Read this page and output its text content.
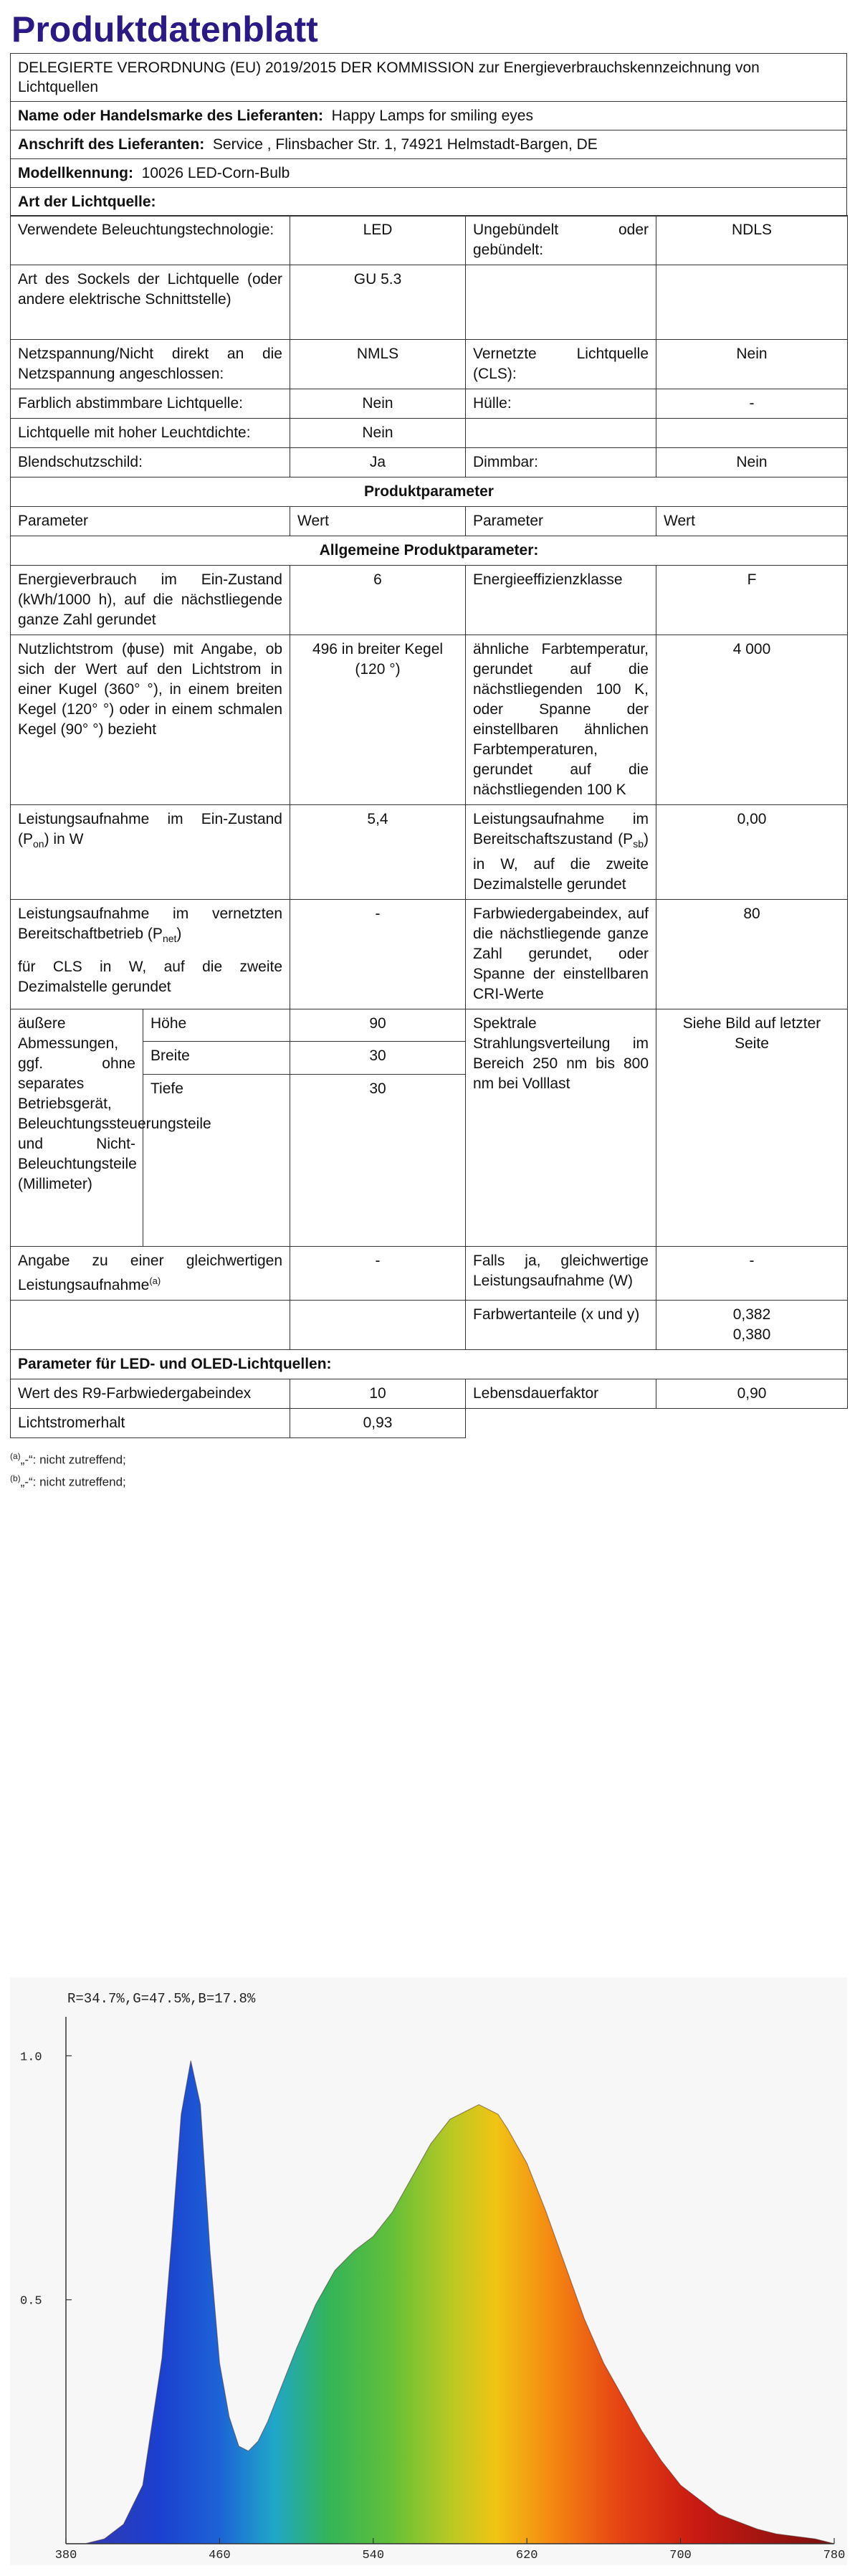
Produktdatenblatt
DELEGIERTE VERORDNUNG (EU) 2019/2015 DER KOMMISSION zur Energieverbrauchskennzeichnung von Lichtquellen
Name oder Handelsmarke des Lieferanten: Happy Lamps for smiling eyes
Anschrift des Lieferanten: Service , Flinsbacher Str. 1, 74921 Helmstadt-Bargen, DE
Modellkennung: 10026 LED-Corn-Bulb
Art der Lichtquelle:
Verwendete Beleuchtungstechnologie:		LED	Ungebündelt oder gebündelt:	NDLS
Art des Sockels der Lichtquelle (oder andere elektrische Schnittstelle)		GU 5.3		
Netzspannung/Nicht direkt an die Netzspannung angeschlossen:		NMLS	Vernetzte Lichtquelle (CLS):	Nein
Farblich abstimmbare Lichtquelle:		Nein	Hülle:	-
Lichtquelle mit hoher Leuchtdichte:		Nein		
Blendschutzschild:		Ja	Dimmbar:	Nein
Produktparameter				
Parameter		Wert	Parameter	Wert
Allgemeine Produktparameter:				
Energieverbrauch im Ein-Zustand (kWh/1000 h), auf die nächstliegende ganze Zahl gerundet		6	Energieeffizienzklasse	F
Nutzlichtstrom (ϕuse) mit Angabe, ob sich der Wert auf den Lichtstrom in einer Kugel (360° °), in einem breiten Kegel (120° °) oder in einem schmalen Kegel (90° °) bezieht		496 in breiter Kegel (120 °)	ähnliche Farbtemperatur, gerundet auf die nächstliegenden 100 K, oder Spanne der einstellbaren ähnlichen Farbtemperaturen, gerundet auf die nächstliegenden 100 K	4 000
Leistungsaufnahme im Ein-Zustand $(P_{on})$ in W		5,4	Leistungsaufnahme im Bereitschaftszustand $(P_{sb})$ in W, auf die zweite Dezimalstelle gerundet	0,00
Leistungsaufnahme im vernetzten Bereitschaftbetrieb $(P_{net})$
für CLS in W, auf die zweite Dezimalstelle gerundet		-	Farbwiedergabeindex, auf die nächstliegende ganze Zahl gerundet, oder Spanne der einstellbaren CRI-Werte	80
äußere Abmessungen, ggf. ohne separates Betriebsgerät, Beleuchtungssteuerungsteile und Nicht-Beleuchtungsteile (Millimeter)	Höhe	90	Spektrale Strahlungsverteilung im Bereich 250 nm bis 800 nm bei Volllast	Siehe Bild auf letzter Seite
	Breite	30		
	Tiefe	30		
Angabe zu einer gleichwertigen Leistungsaufnahme$^{(a)}$		-	Falls ja, gleichwertige Leistungsaufnahme (W)	-
			Farbwertanteile (x und y)	0,382
0,380

Parameter für LED- und OLED-Lichtquellen:				
Wert des R9-Farbwiedergabeindex		10	Lebensdauerfaktor	0,90
Lichtstromerhalt		0,93		
$^{(a)}$„-“: nicht zutreffend;
$^{(b)}$„-“: nicht zutreffend;
R=34.7%,G=47.5%,B=17.8%
380	460	540	620	700	780
0.5
1.0
